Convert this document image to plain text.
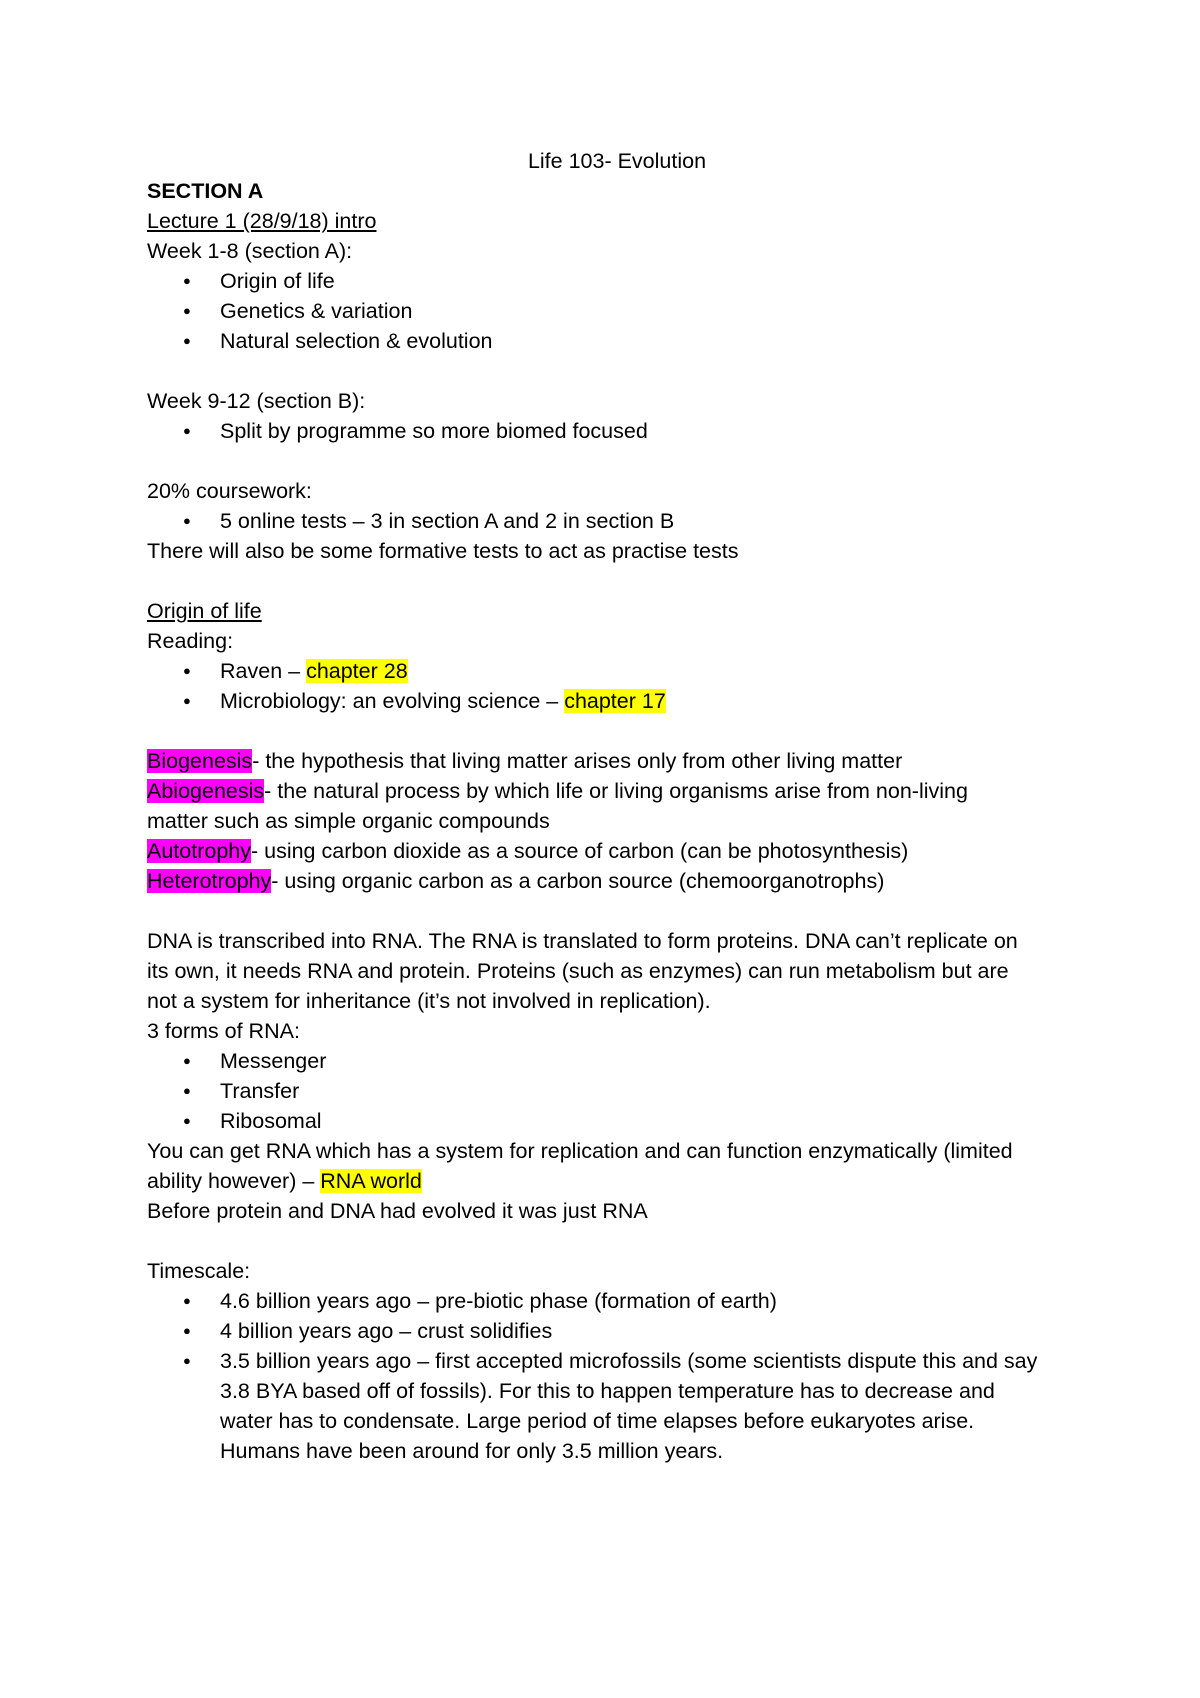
Life 103- Evolution
SECTION A
Lecture 1 (28/9/18) intro
Week 1-8 (section A):
● Origin of life
● Genetics & variation
● Natural selection & evolution
Week 9-12 (section B):
● Split by programme so more biomed focused
20% coursework:
● 5 online tests – 3 in section A and 2 in section B
There will also be some formative tests to act as practise tests
Origin of life
Reading:
● Raven – chapter 28
● Microbiology: an evolving science – chapter 17
Biogenesis- the hypothesis that living matter arises only from other living matter
Abiogenesis- the natural process by which life or living organisms arise from non-living
matter such as simple organic compounds
Autotrophy- using carbon dioxide as a source of carbon (can be photosynthesis)
Heterotrophy- using organic carbon as a carbon source (chemoorganotrophs)
DNA is transcribed into RNA. The RNA is translated to form proteins. DNA can’t replicate on
its own, it needs RNA and protein. Proteins (such as enzymes) can run metabolism but are
not a system for inheritance (it’s not involved in replication).
3 forms of RNA:
● Messenger
● Transfer
● Ribosomal
You can get RNA which has a system for replication and can function enzymatically (limited
ability however) – RNA world
Before protein and DNA had evolved it was just RNA
Timescale:
● 4.6 billion years ago – pre-biotic phase (formation of earth)
● 4 billion years ago – crust solidifies
● 3.5 billion years ago – first accepted microfossils (some scientists dispute this and say
3.8 BYA based off of fossils). For this to happen temperature has to decrease and
water has to condensate. Large period of time elapses before eukaryotes arise.
Humans have been around for only 3.5 million years.
